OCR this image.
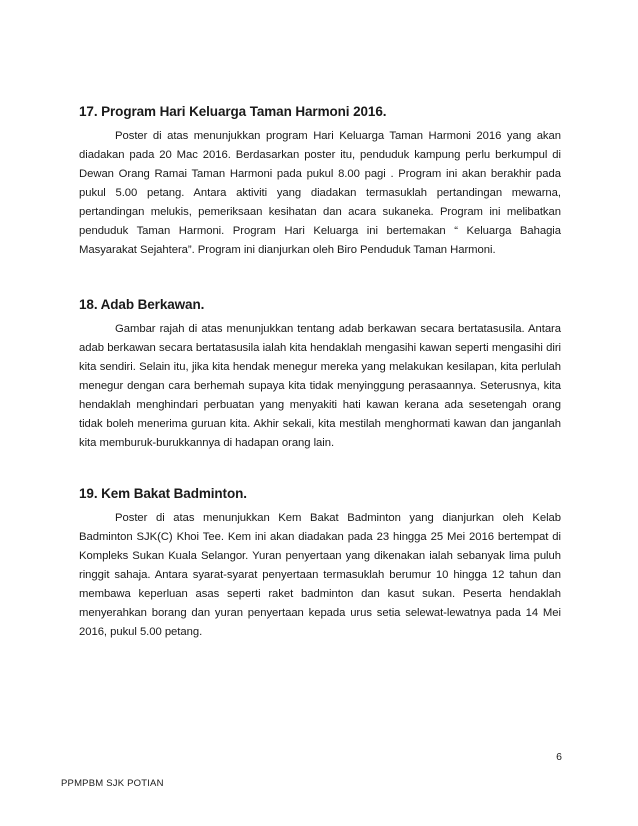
17. Program Hari Keluarga Taman Harmoni 2016.

Poster di atas menunjukkan program Hari Keluarga Taman Harmoni 2016 yang akan diadakan pada 20 Mac 2016. Berdasarkan poster itu, penduduk kampung perlu berkumpul di Dewan Orang Ramai Taman Harmoni pada pukul 8.00 pagi . Program ini akan berakhir pada pukul 5.00 petang. Antara aktiviti yang diadakan termasuklah pertandingan mewarna, pertandingan melukis, pemeriksaan kesihatan dan acara sukaneka. Program ini melibatkan penduduk Taman Harmoni. Program Hari Keluarga ini bertemakan “ Keluarga Bahagia Masyarakat Sejahtera”. Program ini dianjurkan oleh Biro Penduduk Taman Harmoni.

18. Adab Berkawan.

Gambar rajah di atas menunjukkan tentang adab berkawan secara bertatasusila. Antara adab berkawan secara bertatasusila ialah kita hendaklah mengasihi kawan seperti mengasihi diri kita sendiri. Selain itu, jika kita hendak menegur mereka yang melakukan kesilapan, kita perlulah menegur dengan cara berhemah supaya kita tidak menyinggung perasaannya. Seterusnya, kita hendaklah menghindari perbuatan yang menyakiti hati kawan kerana ada sesetengah orang tidak boleh menerima guruan kita. Akhir sekali, kita mestilah menghormati kawan dan janganlah kita memburuk-burukkannya di hadapan orang lain.

19. Kem Bakat Badminton.

Poster di atas menunjukkan Kem Bakat Badminton yang dianjurkan oleh Kelab Badminton SJK(C) Khoi Tee. Kem ini akan diadakan pada 23 hingga 25 Mei 2016 bertempat di Kompleks Sukan Kuala Selangor. Yuran penyertaan yang dikenakan ialah sebanyak lima puluh ringgit sahaja. Antara syarat-syarat penyertaan termasuklah berumur 10 hingga 12 tahun dan membawa keperluan asas seperti raket badminton dan kasut sukan. Peserta hendaklah menyerahkan borang dan yuran penyertaan kepada urus setia selewat-lewatnya pada 14 Mei 2016, pukul 5.00 petang.

6
PPMPBM SJK POTIAN
